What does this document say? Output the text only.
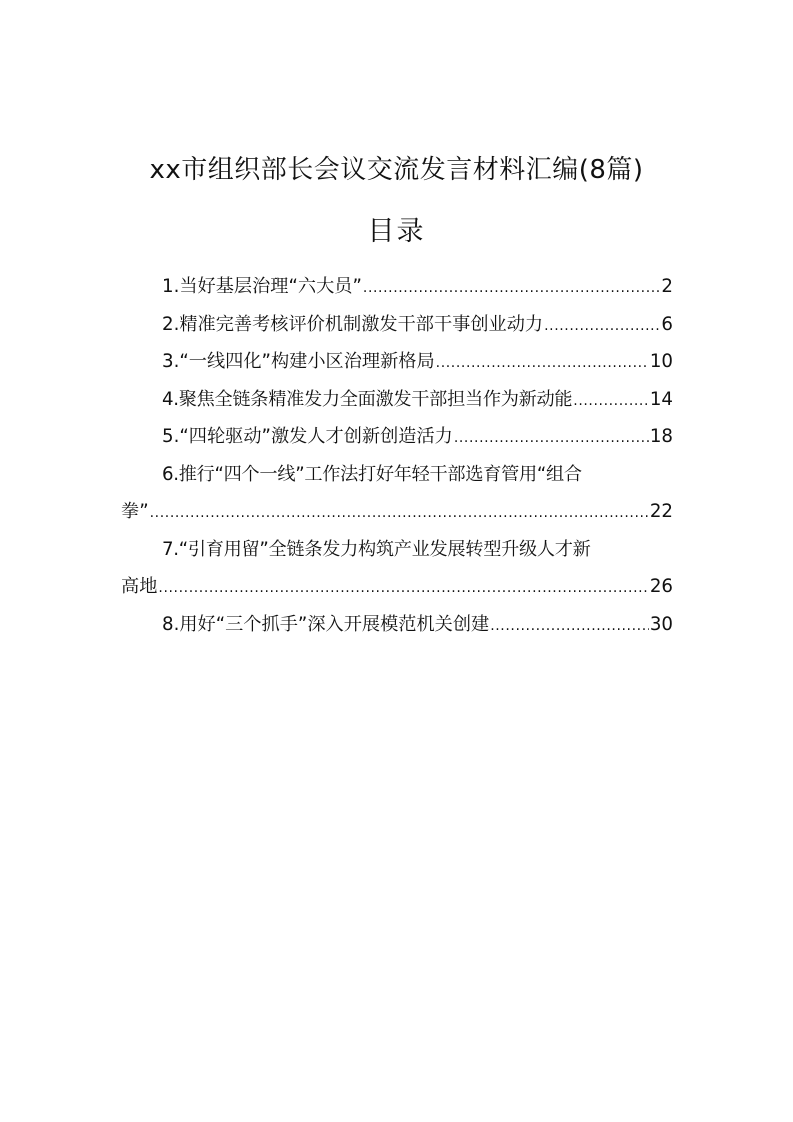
xx市组织部长会议交流发言材料汇编(8篇)
目录
1.当好基层治理“六大员” .....	2
2.精准完善考核评价机制激发干部干事创业动力 .....	6
3.“一线四化”构建小区治理新格局 .....	10
4.聚焦全链条精准发力全面激发干部担当作为新动能 .....	14
5.“四轮驱动”激发人才创新创造活力 .....	18
6.推行“四个一线”工作法打好年轻干部选育管用“组合
拳” .....	22
7.“引育用留”全链条发力构筑产业发展转型升级人才新
高地 .....	26
8.用好“三个抓手”深入开展模范机关创建 .....	30
